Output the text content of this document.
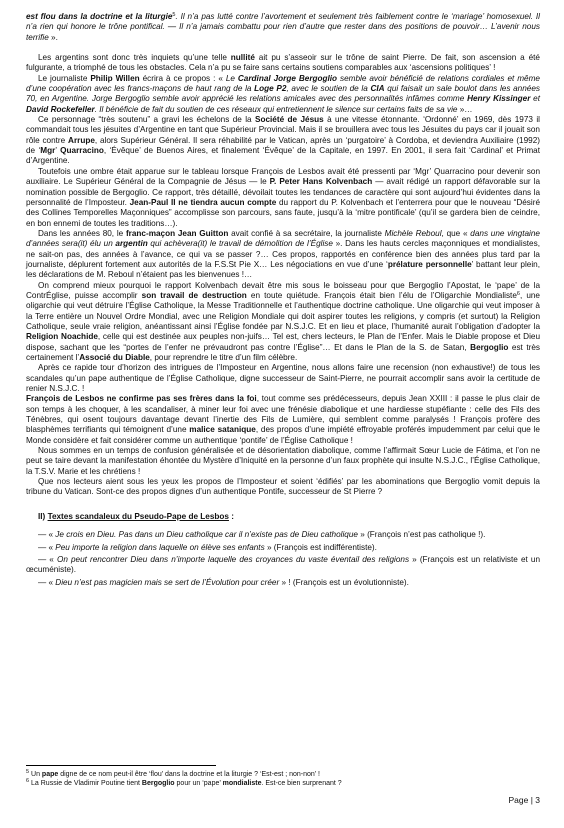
est flou dans la doctrine et la liturgie$^5$. Il n’a pas lutté contre l’avortement et seulement très faiblement contre le ‘mariage’ homosexuel. Il n’a rien qui honore le trône pontifical. — Il n’a jamais combattu pour rien d’autre que rester dans des positions de pouvoir… L’avenir nous terrifie ».

Les argentins sont donc très inquiets qu’une telle nullité ait pu s’asseoir sur le trône de saint Pierre. De fait, son ascension a été fulgurante, a triomphé de tous les obstacles. Cela n’a pu se faire sans certains soutiens comparables aux ‘ascensions politiques’ !

Le journaliste Philip Willen écrira à ce propos : « Le Cardinal Jorge Bergoglio semble avoir bénéficié de relations cordiales et même d’une coopération avec les francs-maçons de haut rang de la Loge P2, avec le soutien de la CIA qui faisait un sale boulot dans les années 70, en Argentine. Jorge Bergoglio semble avoir apprécié les relations amicales avec des personnalités infâmes comme Henry Kissinger et David Rockefeller. Il bénéficie de fait du soutien de ces réseaux qui entretiennent le silence sur certains faits de sa vie »…

Ce personnage “très soutenu” a gravi les échelons de la Société de Jésus à une vitesse étonnante. ‘Ordonné’ en 1969, dès 1973 il commandait tous les jésuites d’Argentine en tant que Supérieur Provincial. Mais il se brouillera avec tous les Jésuites du pays car il jouait son rôle contre Arrupe, alors Supérieur Général. Il sera réhabilité par le Vatican, après un ‘purgatoire’ à Cordoba, et deviendra Auxiliaire (1992) de ‘Mgr’ Quarracino, ‘Évêque’ de Buenos Aires, et finalement ‘Évêque’ de la Capitale, en 1997. En 2001, il sera fait ‘Cardinal’ et Primat d’Argentine.

Toutefois une ombre était apparue sur le tableau lorsque François de Lesbos avait été pressenti par ‘Mgr’ Quarracino pour devenir son auxiliaire. Le Supérieur Général de la Compagnie de Jésus — le P. Peter Hans Kolvenbach — avait rédigé un rapport défavorable sur la nomination possible de Bergoglio. Ce rapport, très détaillé, dévoilait toutes les tendances de caractère qui sont aujourd’hui évidentes dans la personnalité de l’Imposteur. Jean-Paul II ne tiendra aucun compte du rapport du P. Kolvenbach et l’enterrera pour que le nouveau “Désiré des Collines Temporelles Maçonniques” accomplisse son parcours, sans faute, jusqu’à la ‘mitre pontificale’ (qu’il se gardera bien de ceindre, en bon ennemi de toutes les traditions…).

Dans les années 80, le franc-maçon Jean Guitton avait confié à sa secrétaire, la journaliste Michèle Reboul, que « dans une vingtaine d’années sera(it) élu un argentin qui achèvera(it) le travail de démolition de l’Église ». Dans les hauts cercles maçonniques et mondialistes, ne sait-on pas, des années à l’avance, ce qui va se passer ?… Ces propos, rapportés en conférence bien des années plus tard par la journaliste, déplurent fortement aux autorités de la F.S.St Pie X… Les négociations en vue d’une ‘prélature personnelle’ battant leur plein, les déclarations de M. Reboul n’étaient pas les bienvenues !…

On comprend mieux pourquoi le rapport Kolvenbach devait être mis sous le boisseau pour que Bergoglio l’Apostat, le ‘pape’ de la ContrÉglise, puisse accomplir son travail de destruction en toute quiétude. François était bien l’élu de l’Oligarchie Mondialiste$^6$, une oligarchie qui veut détruire l’Église Catholique, la Messe Traditionnelle et l’authentique doctrine catholique. Une oligarchie qui veut imposer à la Terre entière un Nouvel Ordre Mondial, avec une Religion Mondiale qui doit aspirer toutes les religions, y compris (et surtout) la Religion Catholique, seule vraie religion, anéantissant ainsi l’Église fondée par N.S.J.C. Et en lieu et place, l’humanité aurait l’obligation d’adopter la Religion Noachide, celle qui est destinée aux peuples non-juifs… Tel est, chers lecteurs, le Plan de l’Enfer. Mais le Diable propose et Dieu dispose, sachant que les “portes de l’enfer ne prévaudront pas contre l’Église”… Et dans le Plan de la S. de Satan, Bergoglio est très certainement l’Associé du Diable, pour reprendre le titre d’un film célèbre.

Après ce rapide tour d’horizon des intrigues de l’Imposteur en Argentine, nous allons faire une recension (non exhaustive!) de tous les scandales qu’un pape authentique de l’Église Catholique, digne successeur de Saint-Pierre, ne pourrait accomplir sans avoir la certitude de renier N.S.J.C. !

François de Lesbos ne confirme pas ses frères dans la foi, tout comme ses prédécesseurs, depuis Jean XXIII : il passe le plus clair de son temps à les choquer, à les scandaliser, à miner leur foi avec une frénésie diabolique et une hardiesse stupéfiante : celle des Fils des Ténèbres, qui osent toujours davantage devant l’inertie des Fils de Lumière, qui semblent comme paralysés ! François profère des blasphèmes terrifiants qui témoignent d’une malice satanique, des propos d’une impiété effroyable proférés impudemment par celui que le Monde considère et fait considérer comme un authentique ‘pontife’ de l’Église Catholique !

Nous sommes en un temps de confusion généralisée et de désorientation diabolique, comme l’affirmait Sœur Lucie de Fátima, et l’on ne peut se taire devant la manifestation éhontée du Mystère d’Iniquité en la personne d’un faux prophète qui insulte N.S.J.C., l’Église Catholique, la T.S.V. Marie et les chrétiens !

Que nos lecteurs aient sous les yeux les propos de l’Imposteur et soient ‘édifiés’ par les abominations que Bergoglio vomit depuis la tribune du Vatican. Sont-ce des propos dignes d’un authentique Pontife, successeur de St Pierre ?

II) Textes scandaleux du Pseudo-Pape de Lesbos :

— « Je crois en Dieu. Pas dans un Dieu catholique car il n’existe pas de Dieu catholique » (François n’est pas catholique !).

— « Peu importe la religion dans laquelle on élève ses enfants » (François est indifférentiste).

— « On peut rencontrer Dieu dans n’importe laquelle des croyances du vaste éventail des religions » (François est un relativiste et un œcuméniste).

— « Dieu n’est pas magicien mais se sert de l’Évolution pour créer » ! (François est un évolutionniste).

$^5$ Un pape digne de ce nom peut-il être ‘flou’ dans la doctrine et la liturgie ? ‘Est-est ; non-non’ !

$^6$ La Russie de Vladimir Poutine tient Bergoglio pour un ‘pape’ mondialiste. Est-ce bien surprenant ?

Page | 3
